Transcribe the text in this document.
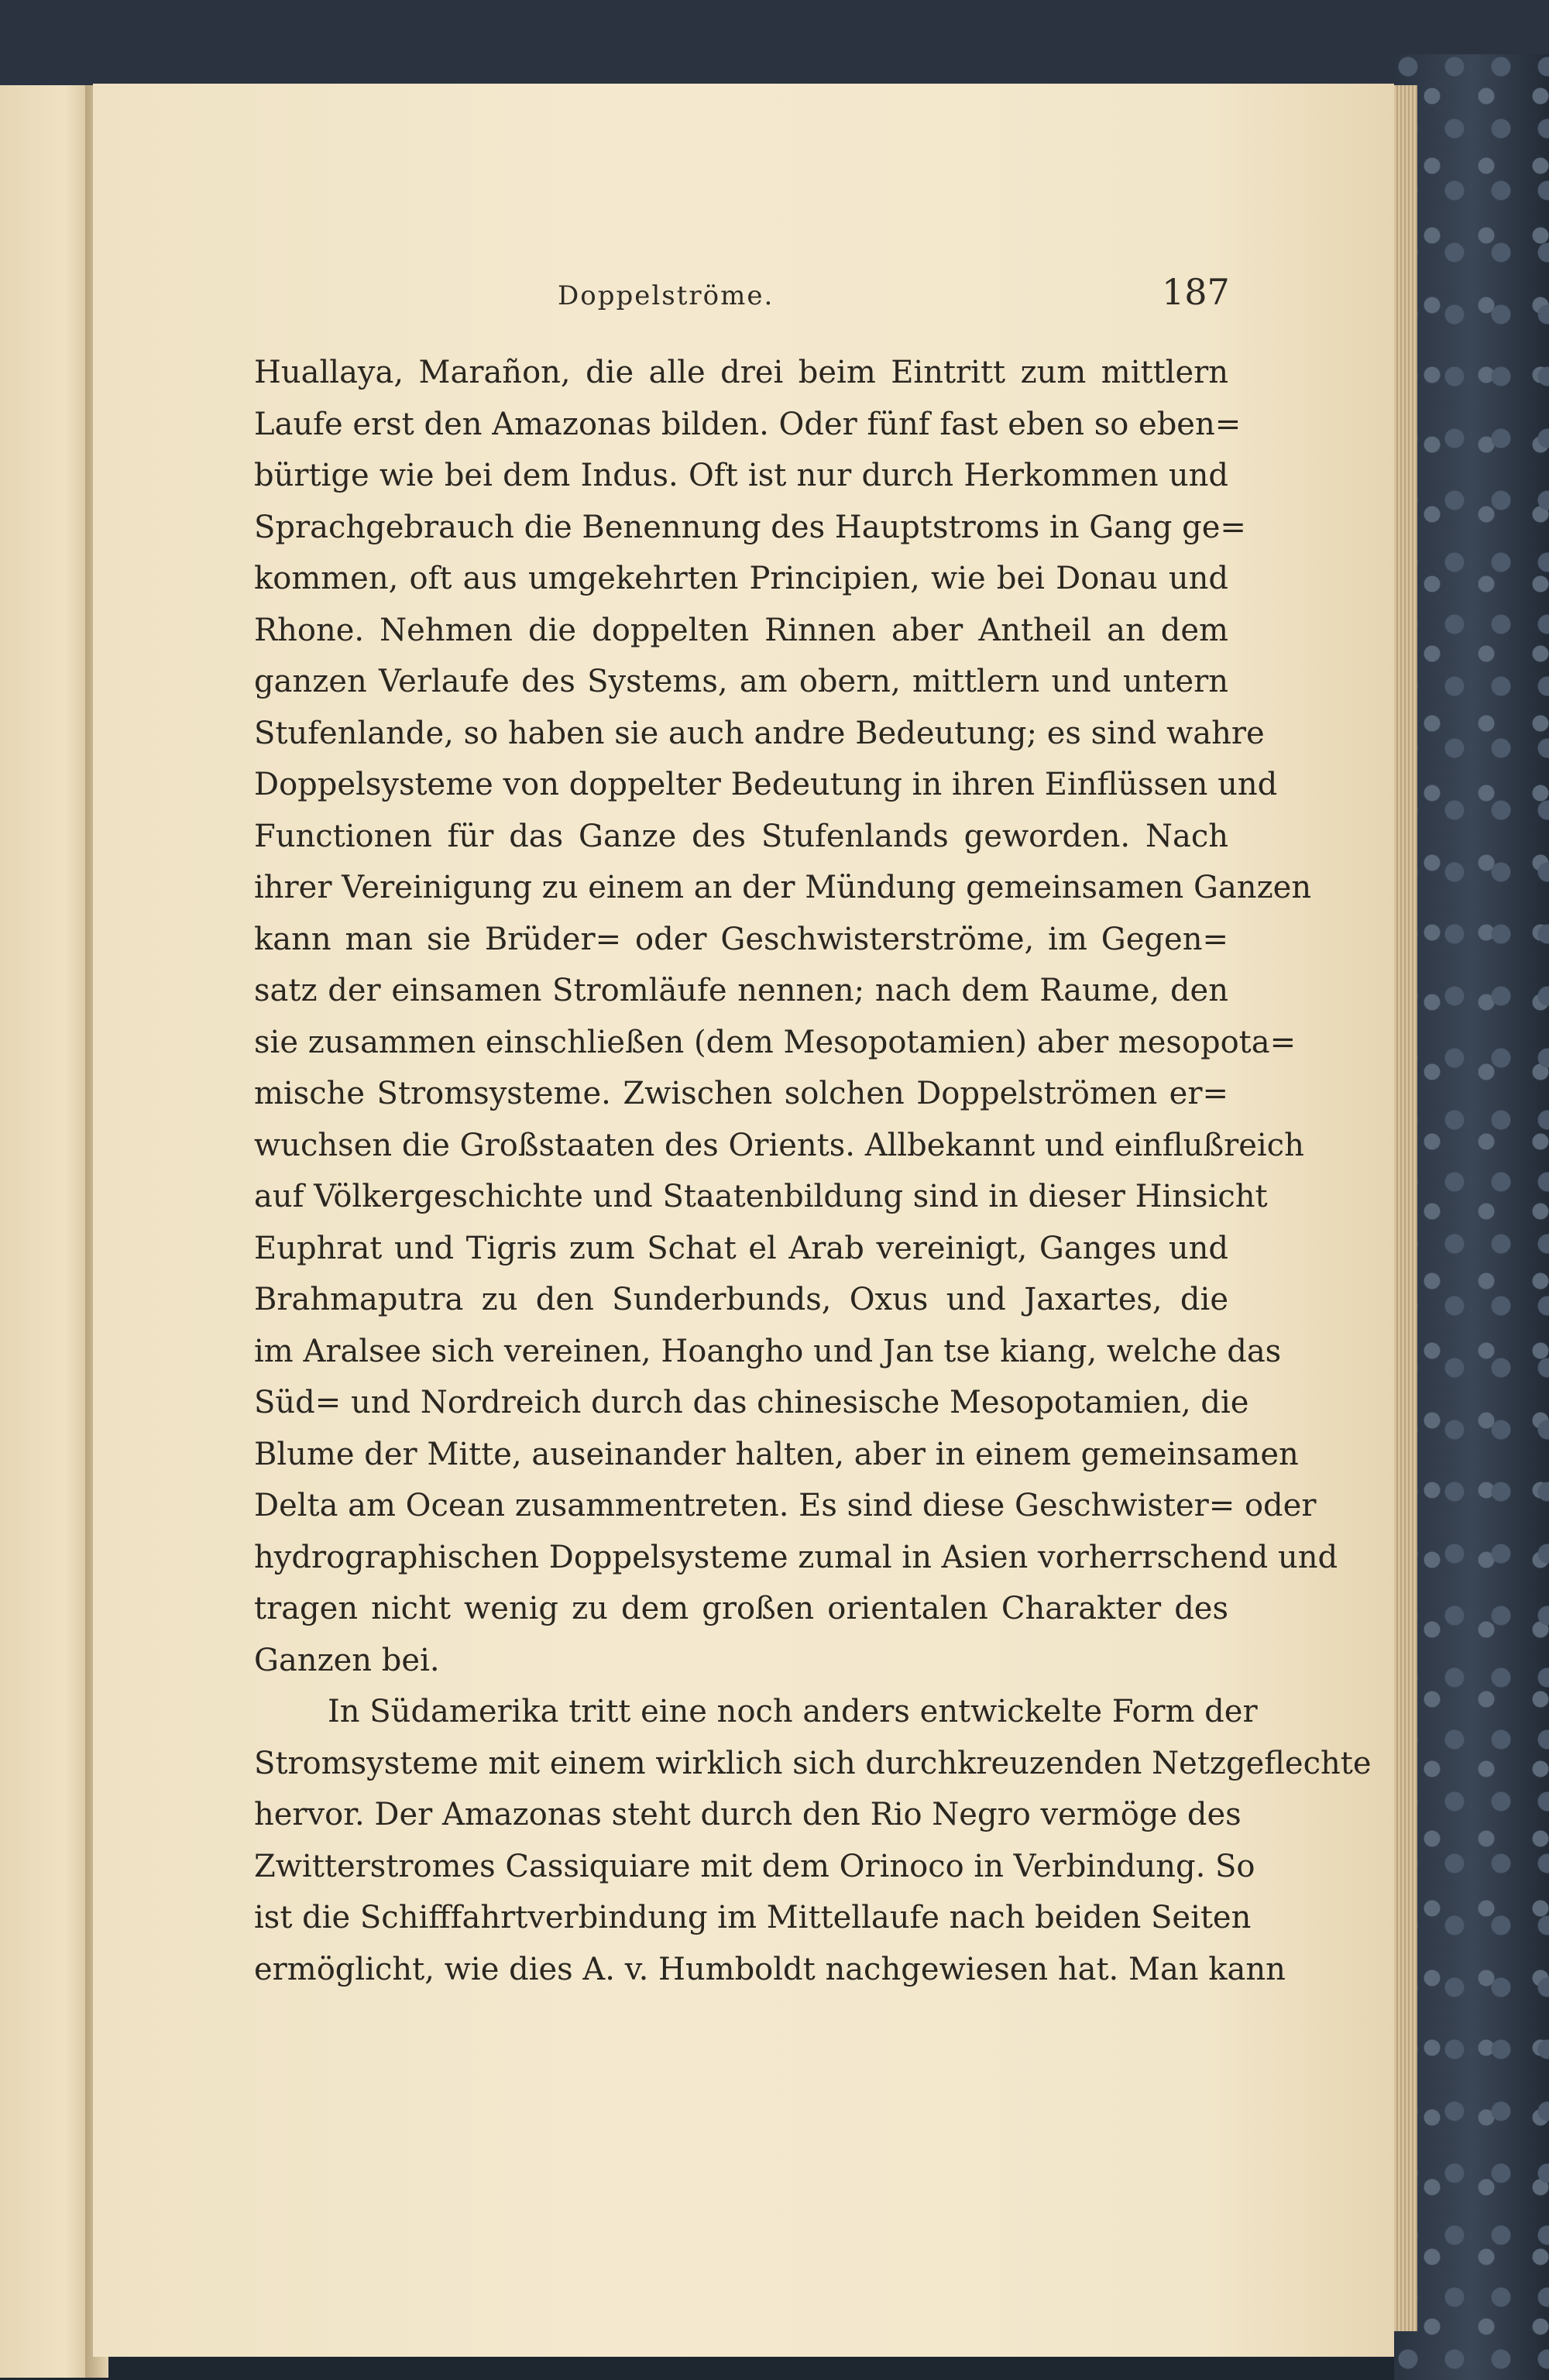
Doppelströme.	187
Huallaya, Marañon, die alle drei beim Eintritt zum mittlern
Laufe erst den Amazonas bilden. Oder fünf fast eben so eben=
bürtige wie bei dem Indus. Oft ist nur durch Herkommen und
Sprachgebrauch die Benennung des Hauptstroms in Gang ge=
kommen, oft aus umgekehrten Principien, wie bei Donau und
Rhone. Nehmen die doppelten Rinnen aber Antheil an dem
ganzen Verlaufe des Systems, am obern, mittlern und untern
Stufenlande, so haben sie auch andre Bedeutung; es sind wahre
Doppelsysteme von doppelter Bedeutung in ihren Einflüssen und
Functionen für das Ganze des Stufenlands geworden. Nach
ihrer Vereinigung zu einem an der Mündung gemeinsamen Ganzen
kann man sie Brüder= oder Geschwisterströme, im Gegen=
satz der einsamen Stromläufe nennen; nach dem Raume, den
sie zusammen einschließen (dem Mesopotamien) aber mesopota=
mische Stromsysteme. Zwischen solchen Doppelströmen er=
wuchsen die Großstaaten des Orients. Allbekannt und einflußreich
auf Völkergeschichte und Staatenbildung sind in dieser Hinsicht
Euphrat und Tigris zum Schat el Arab vereinigt, Ganges und
Brahmaputra zu den Sunderbunds, Oxus und Jaxartes, die
im Aralsee sich vereinen, Hoangho und Jan tse kiang, welche das
Süd= und Nordreich durch das chinesische Mesopotamien, die
Blume der Mitte, auseinander halten, aber in einem gemeinsamen
Delta am Ocean zusammentreten. Es sind diese Geschwister= oder
hydrographischen Doppelsysteme zumal in Asien vorherrschend und
tragen nicht wenig zu dem großen orientalen Charakter des
Ganzen bei.
In Südamerika tritt eine noch anders entwickelte Form der
Stromsysteme mit einem wirklich sich durchkreuzenden Netzgeflechte
hervor. Der Amazonas steht durch den Rio Negro vermöge des
Zwitterstromes Cassiquiare mit dem Orinoco in Verbindung. So
ist die Schifffahrtverbindung im Mittellaufe nach beiden Seiten
ermöglicht, wie dies A. v. Humboldt nachgewiesen hat. Man kann
